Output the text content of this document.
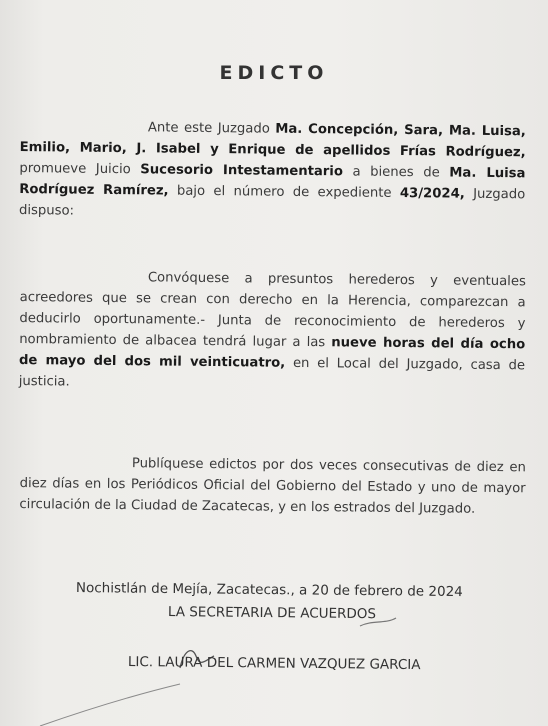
EDICTO
Ante este Juzgado Ma. Concepción, Sara, Ma. Luisa, Emilio, Mario, J. Isabel y Enrique de apellidos Frías Rodríguez, promueve Juicio Sucesorio Intestamentario a bienes de Ma. Luisa Rodríguez Ramírez, bajo el número de expediente 43/2024, Juzgado dispuso:
Convóquese a presuntos herederos y eventuales acreedores que se crean con derecho en la Herencia, comparezcan a deducirlo oportunamente.- Junta de reconocimiento de herederos y nombramiento de albacea tendrá lugar a las nueve horas del día ocho de mayo del dos mil veinticuatro, en el Local del Juzgado, casa de justicia.
Publíquese edictos por dos veces consecutivas de diez en diez días en los Periódicos Oficial del Gobierno del Estado y uno de mayor circulación de la Ciudad de Zacatecas, y en los estrados del Juzgado.
Nochistlán de Mejía, Zacatecas., a 20 de febrero de 2024
LA SECRETARIA DE ACUERDOS
LIC. LAURA DEL CARMEN VAZQUEZ GARCIA
